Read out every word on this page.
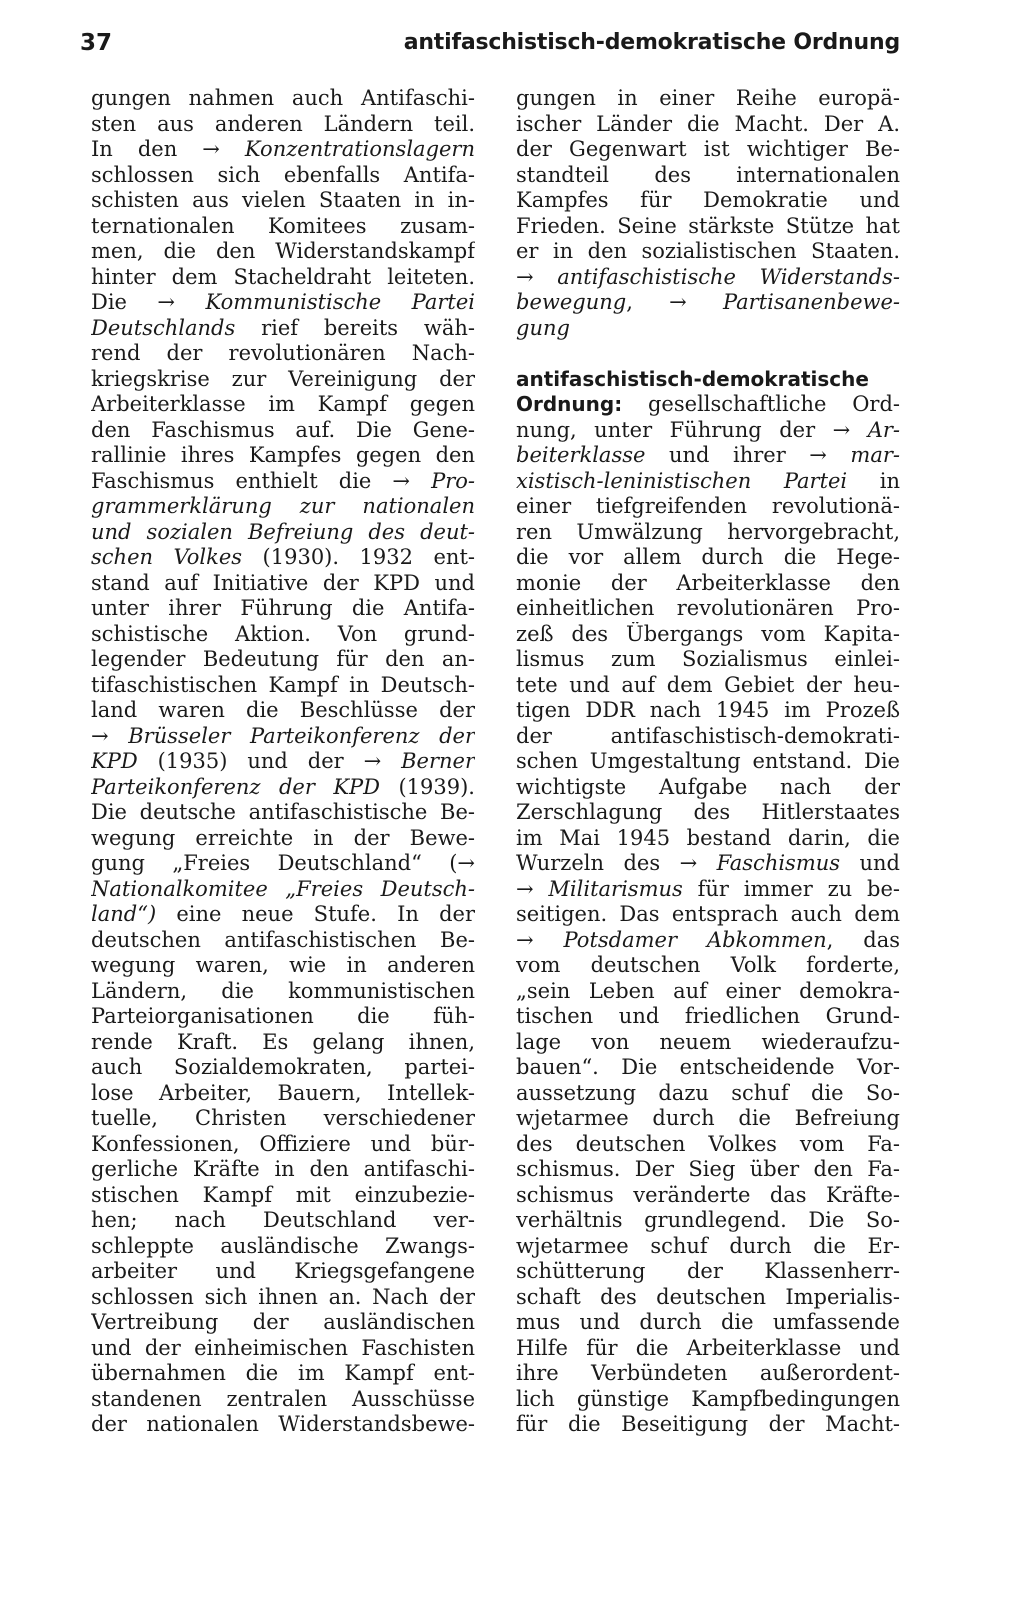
37	antifaschistisch-demokratische Ordnung
gungen nahmen auch Antifaschi-
sten aus anderen Ländern teil.
In den → Konzentrationslagern
schlossen sich ebenfalls Antifa-
schisten aus vielen Staaten in in-
ternationalen Komitees zusam-
men, die den Widerstandskampf
hinter dem Stacheldraht leiteten.
Die → Kommunistische Partei
Deutschlands rief bereits wäh-
rend der revolutionären Nach-
kriegskrise zur Vereinigung der
Arbeiterklasse im Kampf gegen
den Faschismus auf. Die Gene-
rallinie ihres Kampfes gegen den
Faschismus enthielt die → Pro-
grammerklärung zur nationalen
und sozialen Befreiung des deut-
schen Volkes (1930). 1932 ent-
stand auf Initiative der KPD und
unter ihrer Führung die Antifa-
schistische Aktion. Von grund-
legender Bedeutung für den an-
tifaschistischen Kampf in Deutsch-
land waren die Beschlüsse der
→ Brüsseler Parteikonferenz der
KPD (1935) und der → Berner
Parteikonferenz der KPD (1939).
Die deutsche antifaschistische Be-
wegung erreichte in der Bewe-
gung „Freies Deutschland“ (→
Nationalkomitee „Freies Deutsch-
land“) eine neue Stufe. In der
deutschen antifaschistischen Be-
wegung waren, wie in anderen
Ländern, die kommunistischen
Parteiorganisationen die füh-
rende Kraft. Es gelang ihnen,
auch Sozialdemokraten, partei-
lose Arbeiter, Bauern, Intellek-
tuelle, Christen verschiedener
Konfessionen, Offiziere und bür-
gerliche Kräfte in den antifaschi-
stischen Kampf mit einzubezie-
hen; nach Deutschland ver-
schleppte ausländische Zwangs-
arbeiter und Kriegsgefangene
schlossen sich ihnen an. Nach der
Vertreibung der ausländischen
und der einheimischen Faschisten
übernahmen die im Kampf ent-
standenen zentralen Ausschüsse
der nationalen Widerstandsbewe-
gungen in einer Reihe europä-
ischer Länder die Macht. Der A.
der Gegenwart ist wichtiger Be-
standteil des internationalen
Kampfes für Demokratie und
Frieden. Seine stärkste Stütze hat
er in den sozialistischen Staaten.
→ antifaschistische Widerstands-
bewegung, → Partisanenbewe-
gung
antifaschistisch-demokratische
Ordnung: gesellschaftliche Ord-
nung, unter Führung der → Ar-
beiterklasse und ihrer → mar-
xistisch-leninistischen Partei in
einer tiefgreifenden revolutionä-
ren Umwälzung hervorgebracht,
die vor allem durch die Hege-
monie der Arbeiterklasse den
einheitlichen revolutionären Pro-
zeß des Übergangs vom Kapita-
lismus zum Sozialismus einlei-
tete und auf dem Gebiet der heu-
tigen DDR nach 1945 im Prozeß
der antifaschistisch-demokrati-
schen Umgestaltung entstand. Die
wichtigste Aufgabe nach der
Zerschlagung des Hitlerstaates
im Mai 1945 bestand darin, die
Wurzeln des → Faschismus und
→ Militarismus für immer zu be-
seitigen. Das entsprach auch dem
→ Potsdamer Abkommen, das
vom deutschen Volk forderte,
„sein Leben auf einer demokra-
tischen und friedlichen Grund-
lage von neuem wiederaufzu-
bauen“. Die entscheidende Vor-
aussetzung dazu schuf die So-
wjetarmee durch die Befreiung
des deutschen Volkes vom Fa-
schismus. Der Sieg über den Fa-
schismus veränderte das Kräfte-
verhältnis grundlegend. Die So-
wjetarmee schuf durch die Er-
schütterung der Klassenherr-
schaft des deutschen Imperialis-
mus und durch die umfassende
Hilfe für die Arbeiterklasse und
ihre Verbündeten außerordent-
lich günstige Kampfbedingungen
für die Beseitigung der Macht-
